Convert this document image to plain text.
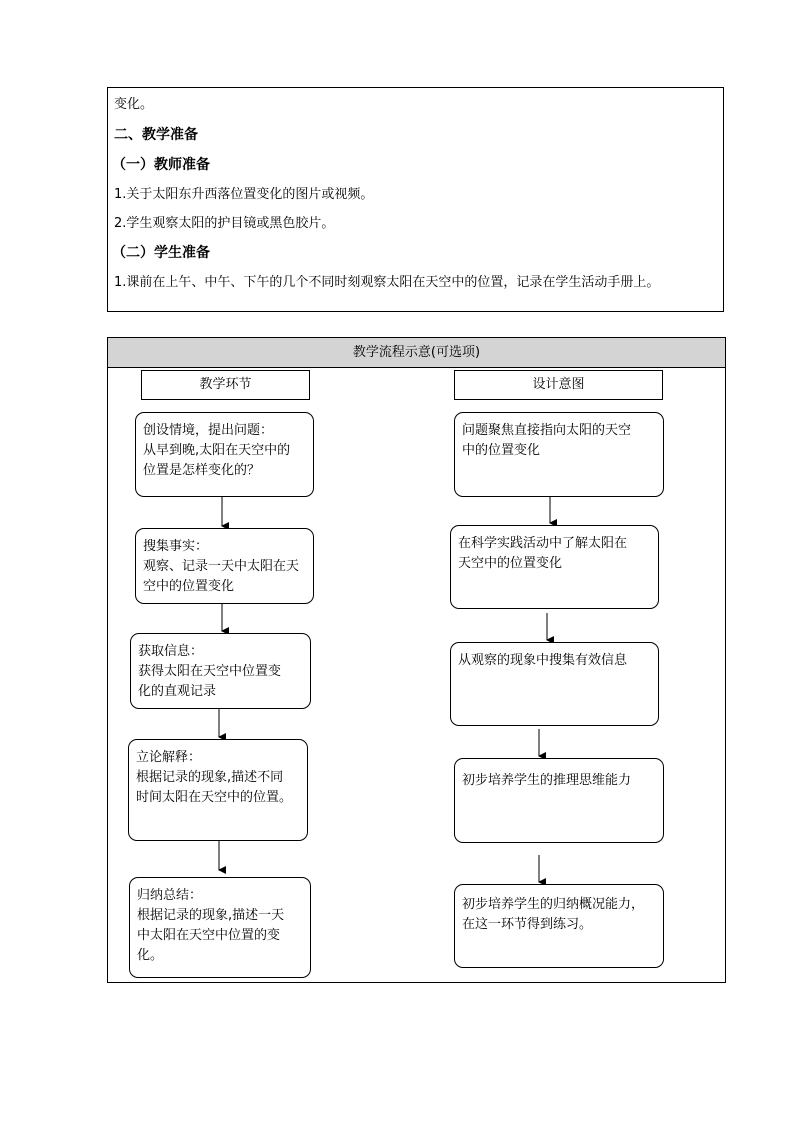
变化。
二、教学准备
（一）教师准备
1.关于太阳东升西落位置变化的图片或视频。
2.学生观察太阳的护目镜或黑色胶片。
（二）学生准备
1.课前在上午、中午、下午的几个不同时刻观察太阳在天空中的位置，记录在学生活动手册上。
教学流程示意(可选项)
教学环节	设计意图
创设情境，提出问题：
从早到晚,太阳在天空中的
位置是怎样变化的？
搜集事实：
观察、记录一天中太阳在天
空中的位置变化
获取信息：
获得太阳在天空中位置变
化的直观记录
立论解释：
根据记录的现象,描述不同
时间太阳在天空中的位置。
归纳总结：
根据记录的现象,描述一天
中太阳在天空中位置的变
化。
问题聚焦直接指向太阳的天空
中的位置变化
在科学实践活动中了解太阳在
天空中的位置变化
从观察的现象中搜集有效信息
初步培养学生的推理思维能力
初步培养学生的归纳概况能力，
在这一环节得到练习。
